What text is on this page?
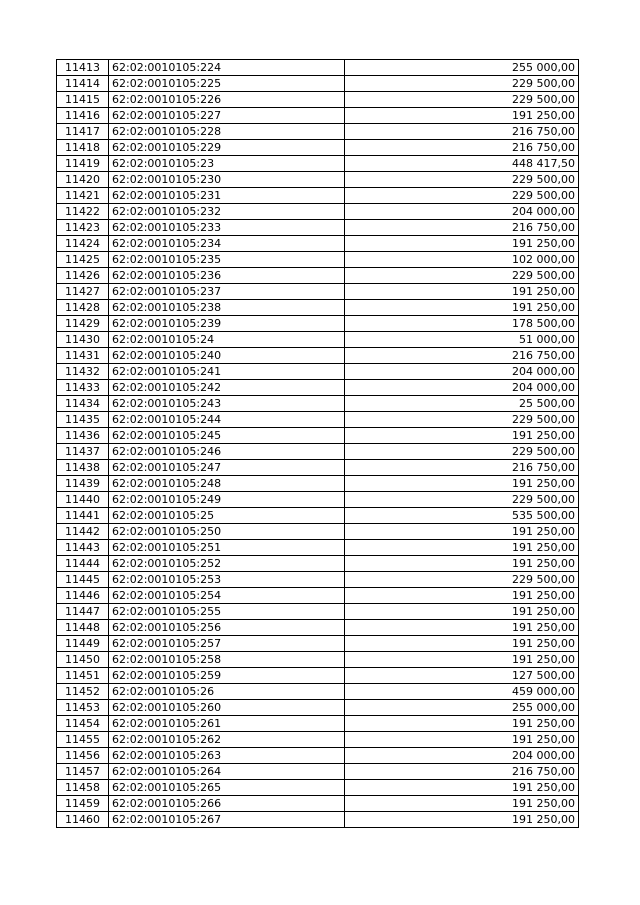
11413	62:02:0010105:224	255 000,00
11414	62:02:0010105:225	229 500,00
11415	62:02:0010105:226	229 500,00
11416	62:02:0010105:227	191 250,00
11417	62:02:0010105:228	216 750,00
11418	62:02:0010105:229	216 750,00
11419	62:02:0010105:23	448 417,50
11420	62:02:0010105:230	229 500,00
11421	62:02:0010105:231	229 500,00
11422	62:02:0010105:232	204 000,00
11423	62:02:0010105:233	216 750,00
11424	62:02:0010105:234	191 250,00
11425	62:02:0010105:235	102 000,00
11426	62:02:0010105:236	229 500,00
11427	62:02:0010105:237	191 250,00
11428	62:02:0010105:238	191 250,00
11429	62:02:0010105:239	178 500,00
11430	62:02:0010105:24	51 000,00
11431	62:02:0010105:240	216 750,00
11432	62:02:0010105:241	204 000,00
11433	62:02:0010105:242	204 000,00
11434	62:02:0010105:243	25 500,00
11435	62:02:0010105:244	229 500,00
11436	62:02:0010105:245	191 250,00
11437	62:02:0010105:246	229 500,00
11438	62:02:0010105:247	216 750,00
11439	62:02:0010105:248	191 250,00
11440	62:02:0010105:249	229 500,00
11441	62:02:0010105:25	535 500,00
11442	62:02:0010105:250	191 250,00
11443	62:02:0010105:251	191 250,00
11444	62:02:0010105:252	191 250,00
11445	62:02:0010105:253	229 500,00
11446	62:02:0010105:254	191 250,00
11447	62:02:0010105:255	191 250,00
11448	62:02:0010105:256	191 250,00
11449	62:02:0010105:257	191 250,00
11450	62:02:0010105:258	191 250,00
11451	62:02:0010105:259	127 500,00
11452	62:02:0010105:26	459 000,00
11453	62:02:0010105:260	255 000,00
11454	62:02:0010105:261	191 250,00
11455	62:02:0010105:262	191 250,00
11456	62:02:0010105:263	204 000,00
11457	62:02:0010105:264	216 750,00
11458	62:02:0010105:265	191 250,00
11459	62:02:0010105:266	191 250,00
11460	62:02:0010105:267	191 250,00
